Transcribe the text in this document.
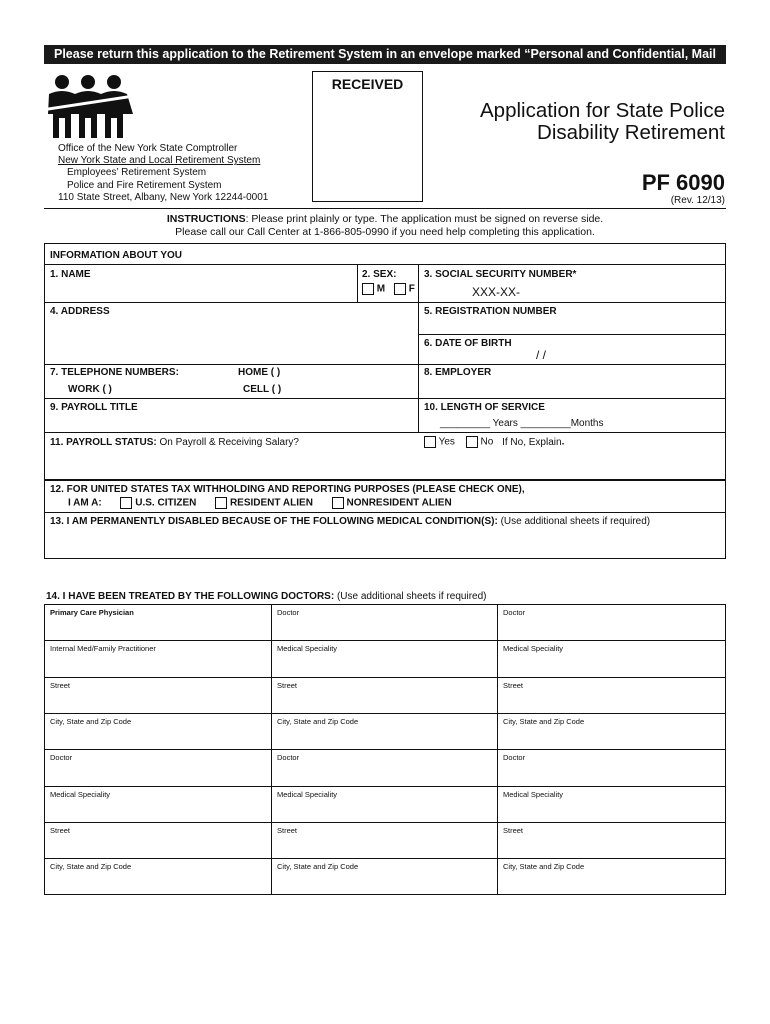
Please return this application to the Retirement System in an envelope marked “Personal and Confidential, Mail Drop 7-1”
Office of the New York State Comptroller
New York State and Local Retirement System
Employees’ Retirement System
Police and Fire Retirement System
110 State Street, Albany, New York 12244-0001
RECEIVED
Application for State Police
Disability Retirement
PF 6090
(Rev. 12/13)
INSTRUCTIONS: Please print plainly or type. The application must be signed on reverse side.
Please call our Call Center at 1-866-805-0990 if you need help completing this application.
INFORMATION ABOUT YOU
1. NAME	2. SEX:
M F
3. SOCIAL SECURITY NUMBER*
XXX-XX-
4. ADDRESS	5. REGISTRATION NUMBER
6. DATE OF BIRTH
/ /
7. TELEPHONE NUMBERS:	HOME ( )
WORK ( )	CELL ( )
8. EMPLOYER
9. PAYROLL TITLE	10. LENGTH OF SERVICE
_________ Years _________Months
11. PAYROLL STATUS: On Payroll & Receiving Salary?	Yes	No If No, Explain.
12. FOR UNITED STATES TAX WITHHOLDING AND REPORTING PURPOSES (PLEASE CHECK ONE),
I AM A:	U.S. CITIZEN	RESIDENT ALIEN	NONRESIDENT ALIEN
13. I AM PERMANENTLY DISABLED BECAUSE OF THE FOLLOWING MEDICAL CONDITION(S): (Use additional sheets if required)
14. I HAVE BEEN TREATED BY THE FOLLOWING DOCTORS: (Use additional sheets if required)
Primary Care Physician	Doctor	Doctor
Internal Med/Family Practitioner	Medical Speciality	Medical Speciality
Street	Street	Street
City, State and Zip Code	City, State and Zip Code	City, State and Zip Code
Doctor	Doctor	Doctor
Medical Speciality	Medical Speciality	Medical Speciality
Street	Street	Street
City, State and Zip Code	City, State and Zip Code	City, State and Zip Code
